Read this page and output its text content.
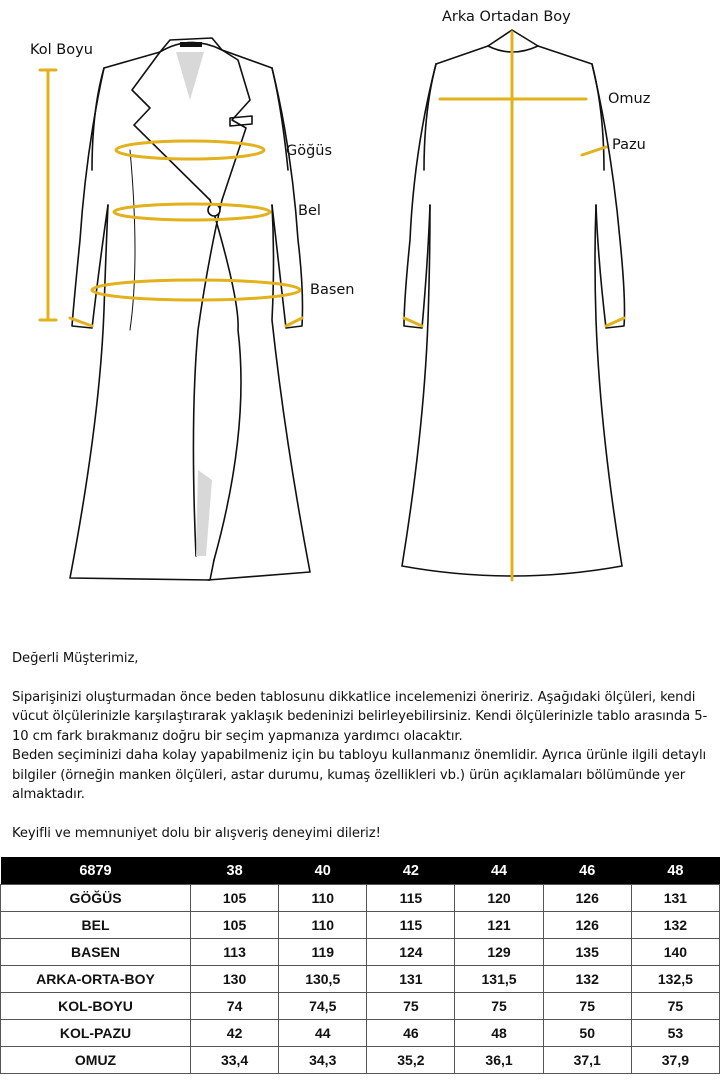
Kol Boyu
Göğüs
Bel
Basen
Arka Ortadan Boy
Omuz
Pazu

Değerli Müşterimiz,

Siparişinizi oluşturmadan önce beden tablosunu dikkatlice incelemenizi öneririz. Aşağıdaki ölçüleri, kendi vücut ölçülerinizle karşılaştırarak yaklaşık bedeninizi belirleyebilirsiniz. Kendi ölçülerinizle tablo arasında 5-10 cm fark bırakmanız doğru bir seçim yapmanıza yardımcı olacaktır.

Beden seçiminizi daha kolay yapabilmeniz için bu tabloyu kullanmanız önemlidir. Ayrıca ürünle ilgili detaylı bilgiler (örneğin manken ölçüleri, astar durumu, kumaş özellikleri vb.) ürün açıklamaları bölümünde yer almaktadır.

Keyifli ve memnuniyet dolu bir alışveriş deneyimi dileriz!

6879	38	40	42	44	46	48
GÖĞÜS	105	110	115	120	126	131
BEL	105	110	115	121	126	132
BASEN	113	119	124	129	135	140
ARKA-ORTA-BOY	130	130,5	131	131,5	132	132,5
KOL-BOYU	74	74,5	75	75	75	75
KOL-PAZU	42	44	46	48	50	53
OMUZ	33,4	34,3	35,2	36,1	37,1	37,9
